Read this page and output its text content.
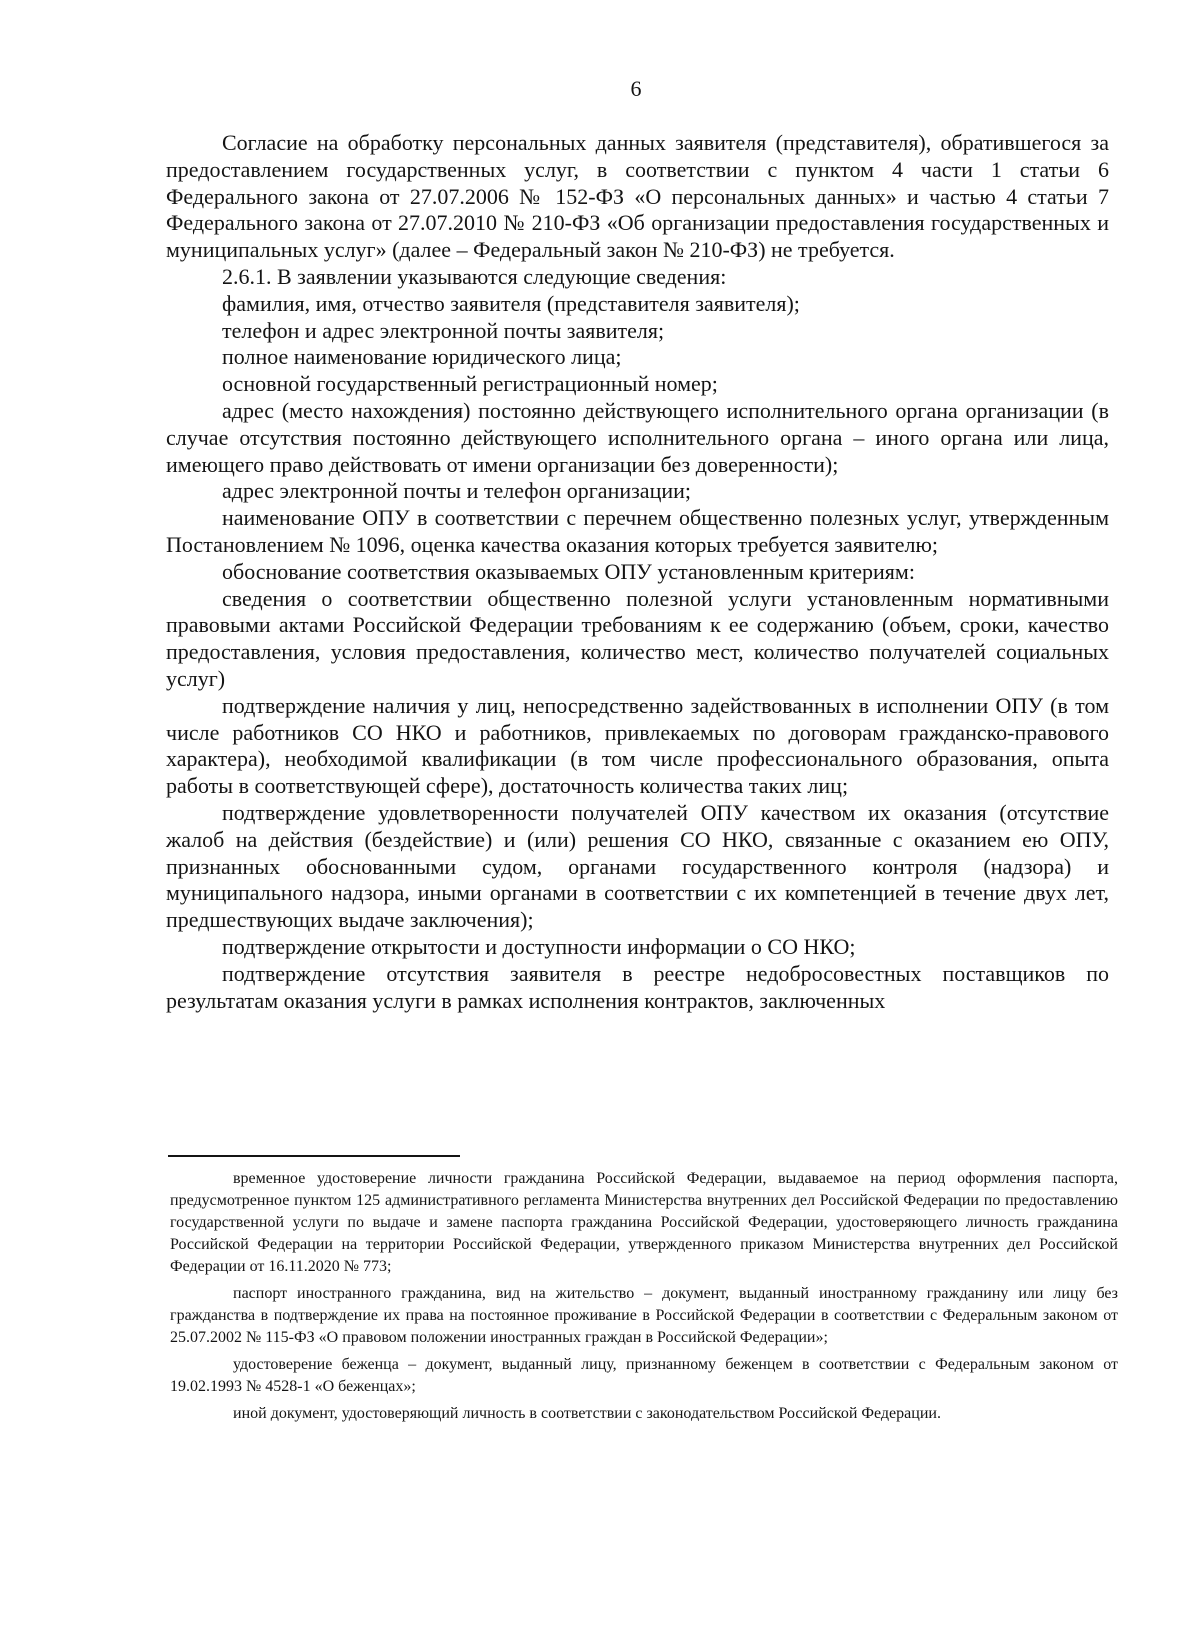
6

Согласие на обработку персональных данных заявителя (представителя), обратившегося за предоставлением государственных услуг, в соответствии с пунктом 4 части 1 статьи 6 Федерального закона от 27.07.2006 № 152-ФЗ «О персональных данных» и частью 4 статьи 7 Федерального закона от 27.07.2010 № 210-ФЗ «Об организации предоставления государственных и муниципальных услуг» (далее – Федеральный закон № 210-ФЗ) не требуется.

2.6.1. В заявлении указываются следующие сведения:

фамилия, имя, отчество заявителя (представителя заявителя);

телефон и адрес электронной почты заявителя;

полное наименование юридического лица;

основной государственный регистрационный номер;

адрес (место нахождения) постоянно действующего исполнительного органа организации (в случае отсутствия постоянно действующего исполнительного органа – иного органа или лица, имеющего право действовать от имени организации без доверенности);

адрес электронной почты и телефон организации;

наименование ОПУ в соответствии с перечнем общественно полезных услуг, утвержденным Постановлением № 1096, оценка качества оказания которых требуется заявителю;

обоснование соответствия оказываемых ОПУ установленным критериям:

сведения о соответствии общественно полезной услуги установленным нормативными правовыми актами Российской Федерации требованиям к ее содержанию (объем, сроки, качество предоставления, условия предоставления, количество мест, количество получателей социальных услуг)

подтверждение наличия у лиц, непосредственно задействованных в исполнении ОПУ (в том числе работников СО НКО и работников, привлекаемых по договорам гражданско-правового характера), необходимой квалификации (в том числе профессионального образования, опыта работы в соответствующей сфере), достаточность количества таких лиц;

подтверждение удовлетворенности получателей ОПУ качеством их оказания (отсутствие жалоб на действия (бездействие) и (или) решения СО НКО, связанные с оказанием ею ОПУ, признанных обоснованными судом, органами государственного контроля (надзора) и муниципального надзора, иными органами в соответствии с их компетенцией в течение двух лет, предшествующих выдаче заключения);

подтверждение открытости и доступности информации о СО НКО;

подтверждение отсутствия заявителя в реестре недобросовестных поставщиков по результатам оказания услуги в рамках исполнения контрактов, заключенных

временное удостоверение личности гражданина Российской Федерации, выдаваемое на период оформления паспорта, предусмотренное пунктом 125 административного регламента Министерства внутренних дел Российской Федерации по предоставлению государственной услуги по выдаче и замене паспорта гражданина Российской Федерации, удостоверяющего личность гражданина Российской Федерации на территории Российской Федерации, утвержденного приказом Министерства внутренних дел Российской Федерации от 16.11.2020 № 773;

паспорт иностранного гражданина, вид на жительство – документ, выданный иностранному гражданину или лицу без гражданства в подтверждение их права на постоянное проживание в Российской Федерации в соответствии с Федеральным законом от 25.07.2002 № 115-ФЗ «О правовом положении иностранных граждан в Российской Федерации»;

удостоверение беженца – документ, выданный лицу, признанному беженцем в соответствии с Федеральным законом от 19.02.1993 № 4528-1 «О беженцах»;

иной документ, удостоверяющий личность в соответствии с законодательством Российской Федерации.
